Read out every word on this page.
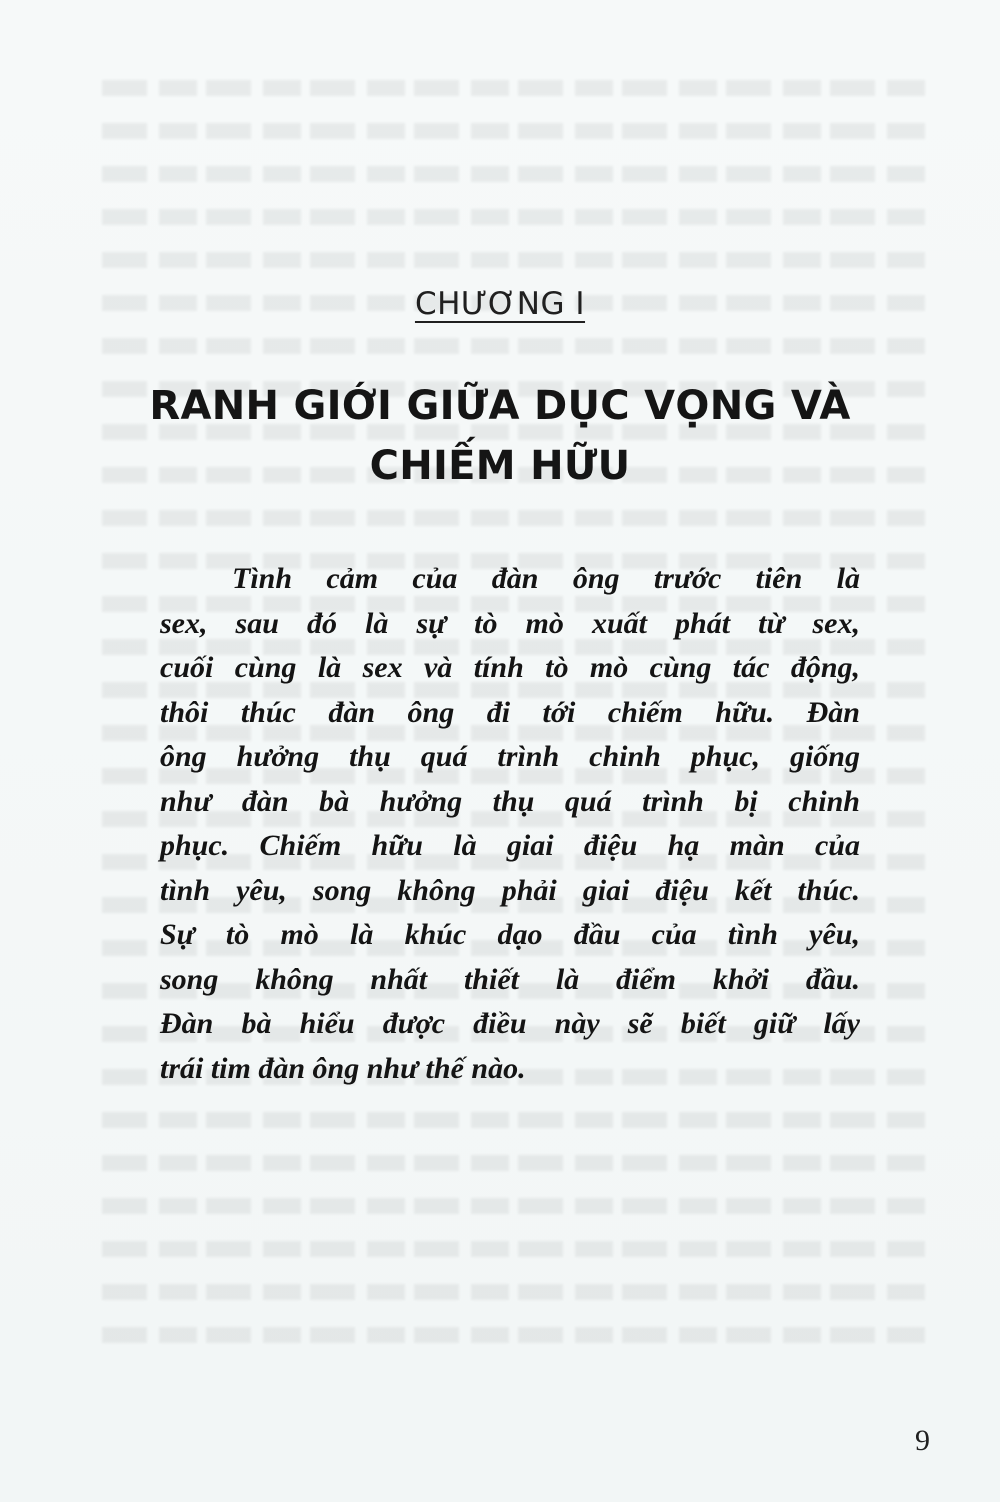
CHƯƠNG I
RANH GIỚI GIỮA DỤC VỌNG VÀ
CHIẾM HỮU
Tình cảm của đàn ông trước tiên là
sex, sau đó là sự tò mò xuất phát từ sex,
cuối cùng là sex và tính tò mò cùng tác động,
thôi thúc đàn ông đi tới chiếm hữu. Đàn
ông hưởng thụ quá trình chinh phục, giống
như đàn bà hưởng thụ quá trình bị chinh
phục. Chiếm hữu là giai điệu hạ màn của
tình yêu, song không phải giai điệu kết thúc.
Sự tò mò là khúc dạo đầu của tình yêu,
song không nhất thiết là điểm khởi đầu.
Đàn bà hiểu được điều này sẽ biết giữ lấy
trái tim đàn ông như thế nào.
9
